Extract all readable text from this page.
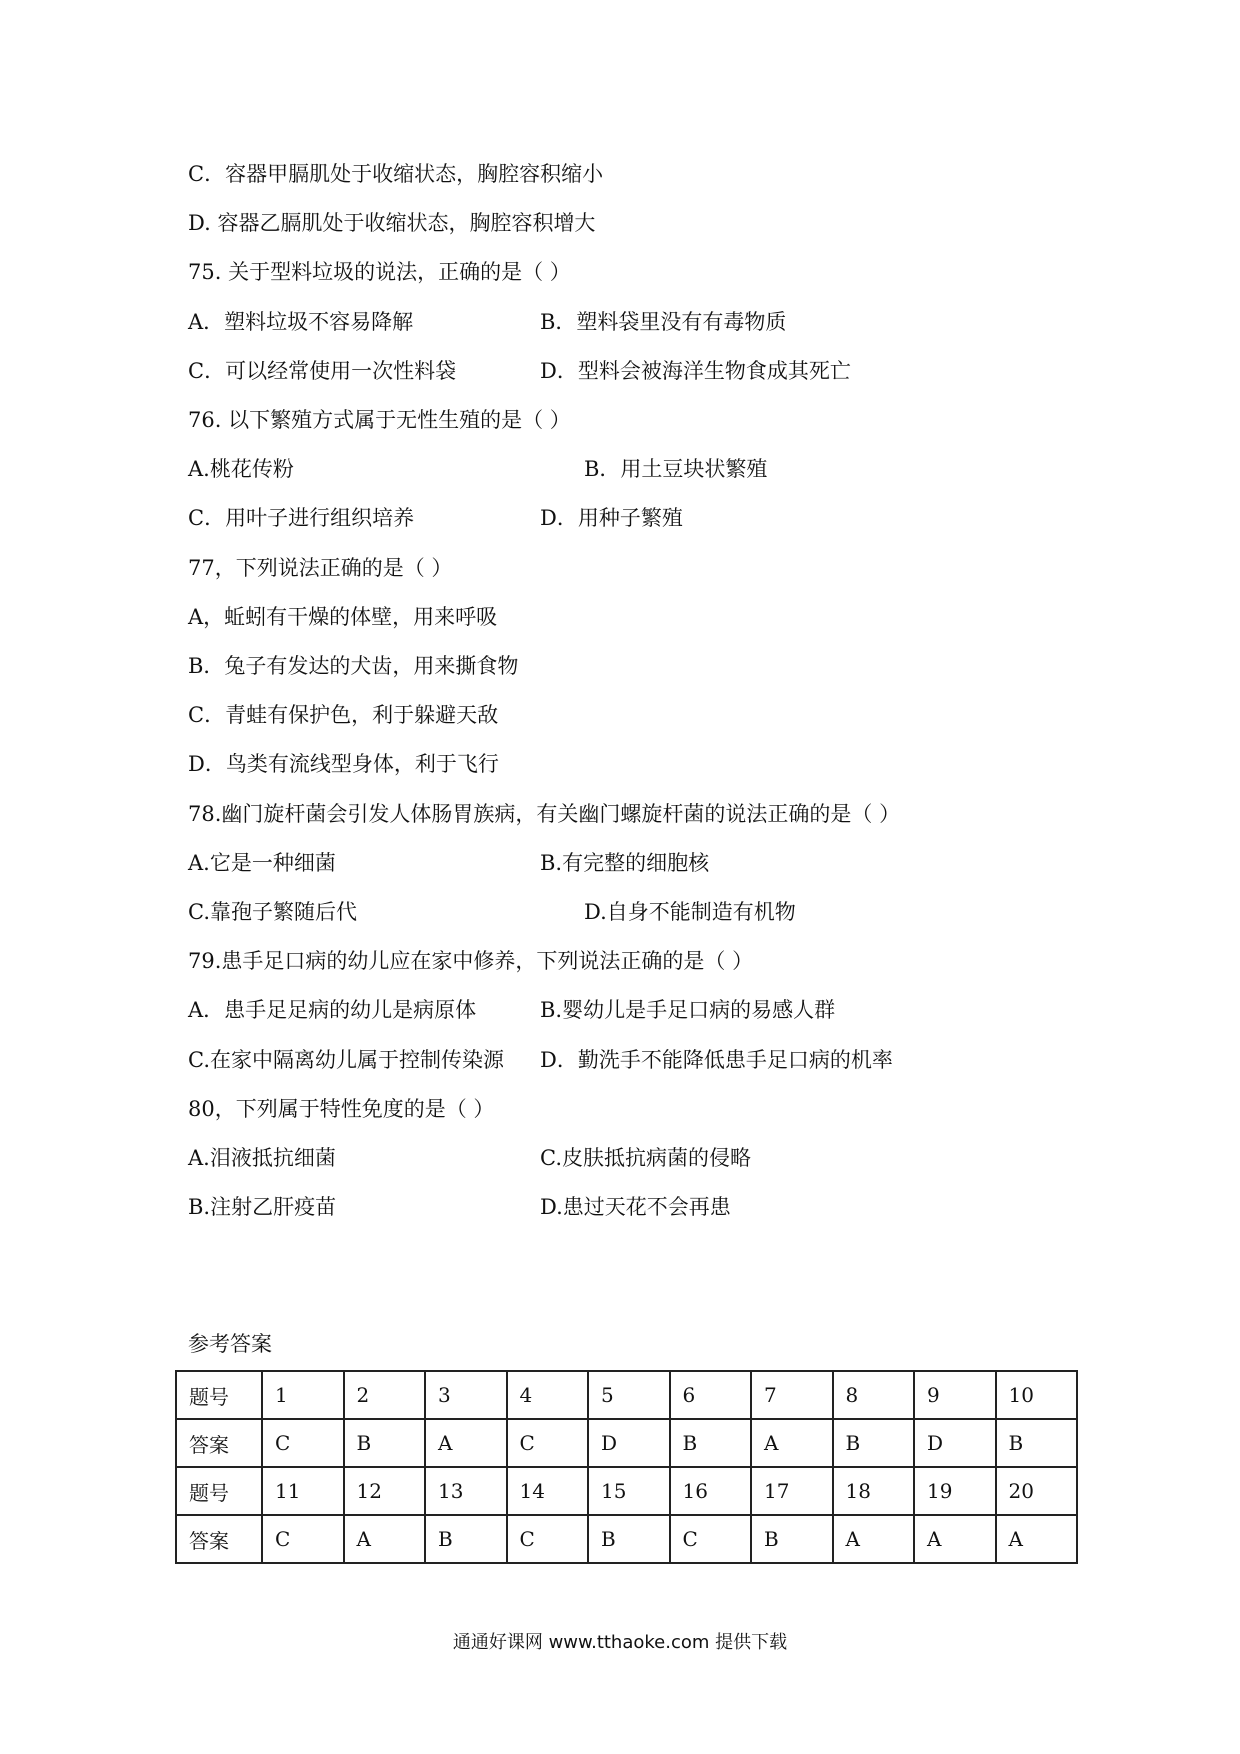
C．容器甲膈肌处于收缩状态，胸腔容积缩小
D. 容器乙膈肌处于收缩状态，胸腔容积增大
75. 关于型料垃圾的说法，正确的是（ ）
A．塑料垃圾不容易降解	B．塑料袋里没有有毒物质
C．可以经常使用一次性料袋	D．型料会被海洋生物食成其死亡
76. 以下繁殖方式属于无性生殖的是（ ）
A.桃花传粉	B．用土豆块状繁殖
C．用叶子进行组织培养	D．用种子繁殖
77，下列说法正确的是（ ）
A，蚯蚓有干燥的体壁，用来呼吸
B．兔子有发达的犬齿，用来撕食物
C．青蛙有保护色，利于躲避天敌
D．鸟类有流线型身体，利于飞行
78.幽门旋杆菌会引发人体肠胃族病，有关幽门螺旋杆菌的说法正确的是（ ）
A.它是一种细菌	B.有完整的细胞核
C.靠孢子繁随后代	D.自身不能制造有机物
79.患手足口病的幼儿应在家中修养，下列说法正确的是（ ）
A．患手足足病的幼儿是病原体	B.婴幼儿是手足口病的易感人群
C.在家中隔离幼儿属于控制传染源 D．勤洗手不能降低患手足口病的机率
80，下列属于特性免度的是（ ）
A.泪液抵抗细菌	C.皮肤抵抗病菌的侵略
B.注射乙肝疫苗	D.患过天花不会再患
参考答案
题号	1	2	3	4	5	6	7	8	9	10
答案	C	B	A	C	D	B	A	B	D	B
题号	11	12	13	14	15	16	17	18	19	20
答案	C	A	B	C	B	C	B	A	A	A
通通好课网 www.tthaoke.com 提供下载
